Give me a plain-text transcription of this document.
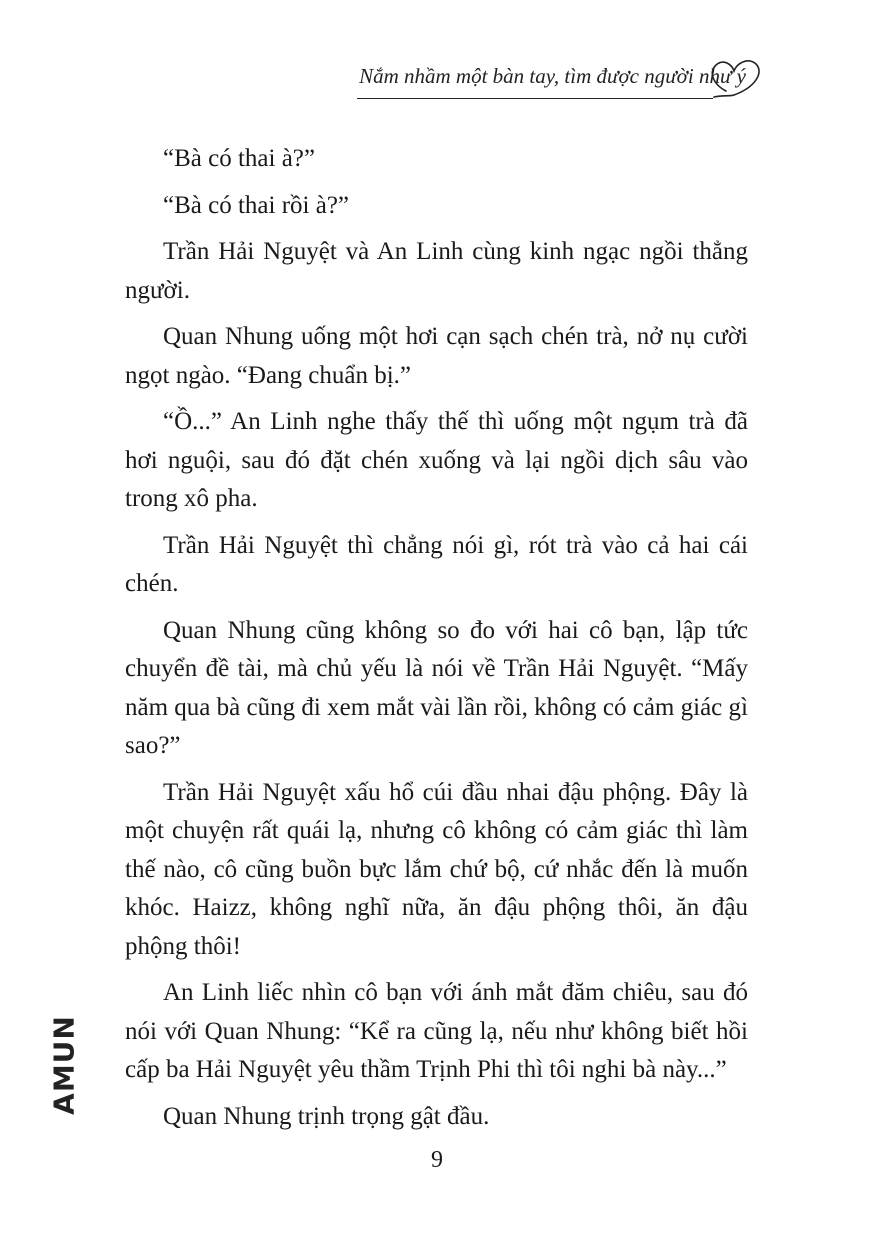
Nắm nhầm một bàn tay, tìm được người như ý

“Bà có thai à?”

“Bà có thai rồi à?”

Trần Hải Nguyệt và An Linh cùng kinh ngạc ngồi thẳng người.

Quan Nhung uống một hơi cạn sạch chén trà, nở nụ cười ngọt ngào. “Đang chuẩn bị.”

“Ồ...” An Linh nghe thấy thế thì uống một ngụm trà đã hơi nguội, sau đó đặt chén xuống và lại ngồi dịch sâu vào trong xô pha.

Trần Hải Nguyệt thì chẳng nói gì, rót trà vào cả hai cái chén.

Quan Nhung cũng không so đo với hai cô bạn, lập tức chuyển đề tài, mà chủ yếu là nói về Trần Hải Nguyệt. “Mấy năm qua bà cũng đi xem mắt vài lần rồi, không có cảm giác gì sao?”

Trần Hải Nguyệt xấu hổ cúi đầu nhai đậu phộng. Đây là một chuyện rất quái lạ, nhưng cô không có cảm giác thì làm thế nào, cô cũng buồn bực lắm chứ bộ, cứ nhắc đến là muốn khóc. Haizz, không nghĩ nữa, ăn đậu phộng thôi, ăn đậu phộng thôi!

An Linh liếc nhìn cô bạn với ánh mắt đăm chiêu, sau đó nói với Quan Nhung: “Kể ra cũng lạ, nếu như không biết hồi cấp ba Hải Nguyệt yêu thầm Trịnh Phi thì tôi nghi bà này...”

Quan Nhung trịnh trọng gật đầu.

AMUN
9
